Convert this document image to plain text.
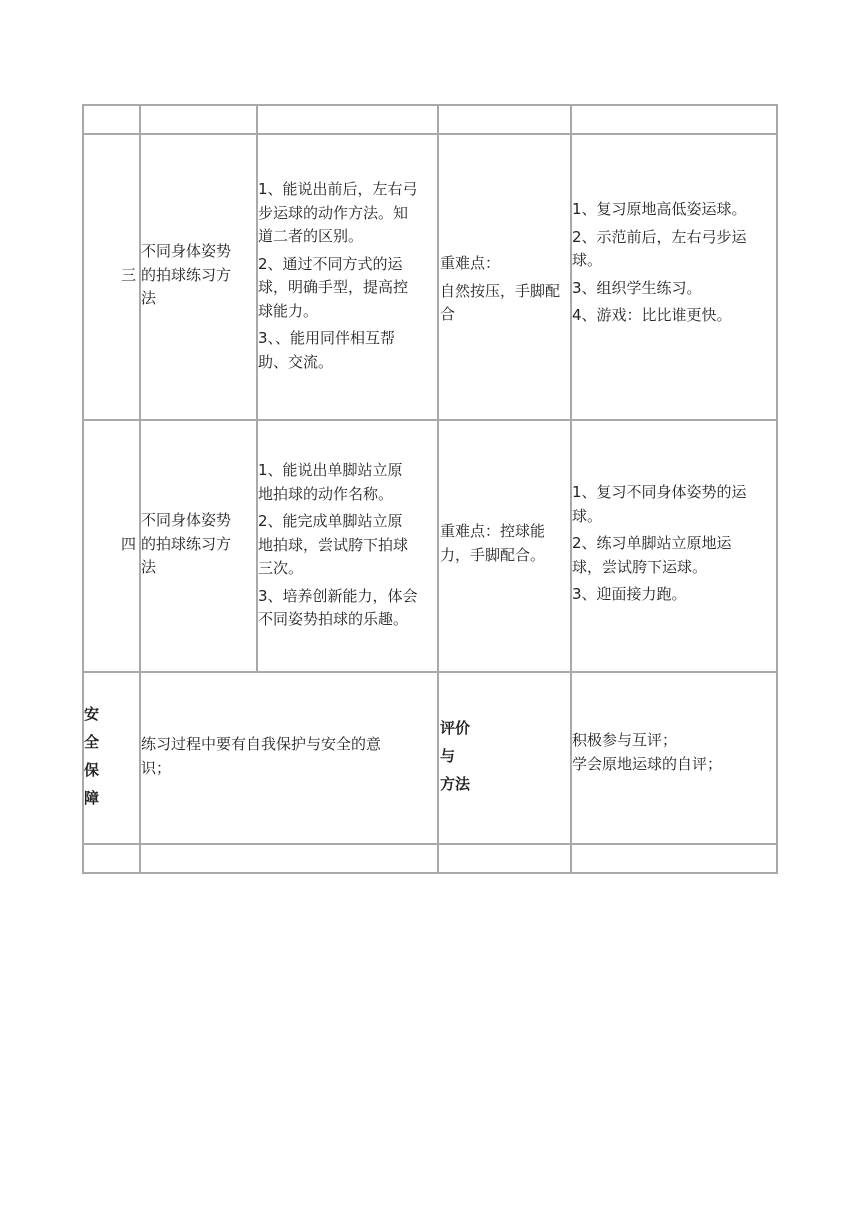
三
不同身体姿势
的拍球练习方
法
1、能说出前后，左右弓
步运球的动作方法。知
道二者的区别。
2、通过不同方式的运
球，明确手型，提高控
球能力。
3、、能用同伴相互帮
助、交流。
重难点：
自然按压，手脚配
合
1、复习原地高低姿运球。
2、示范前后，左右弓步运
球。
3、组织学生练习。
4、游戏：比比谁更快。
四
不同身体姿势
的拍球练习方
法
1、能说出单脚站立原
地拍球的动作名称。
2、能完成单脚站立原
地拍球，尝试胯下拍球
三次。
3、培养创新能力，体会
不同姿势拍球的乐趣。
重难点：控球能
力，手脚配合。
1、复习不同身体姿势的运
球。
2、练习单脚站立原地运
球，尝试胯下运球。
3、迎面接力跑。
安
全
保
障
练习过程中要有自我保护与安全的意
识；
评价
与
方法
积极参与互评；
学会原地运球的自评；
